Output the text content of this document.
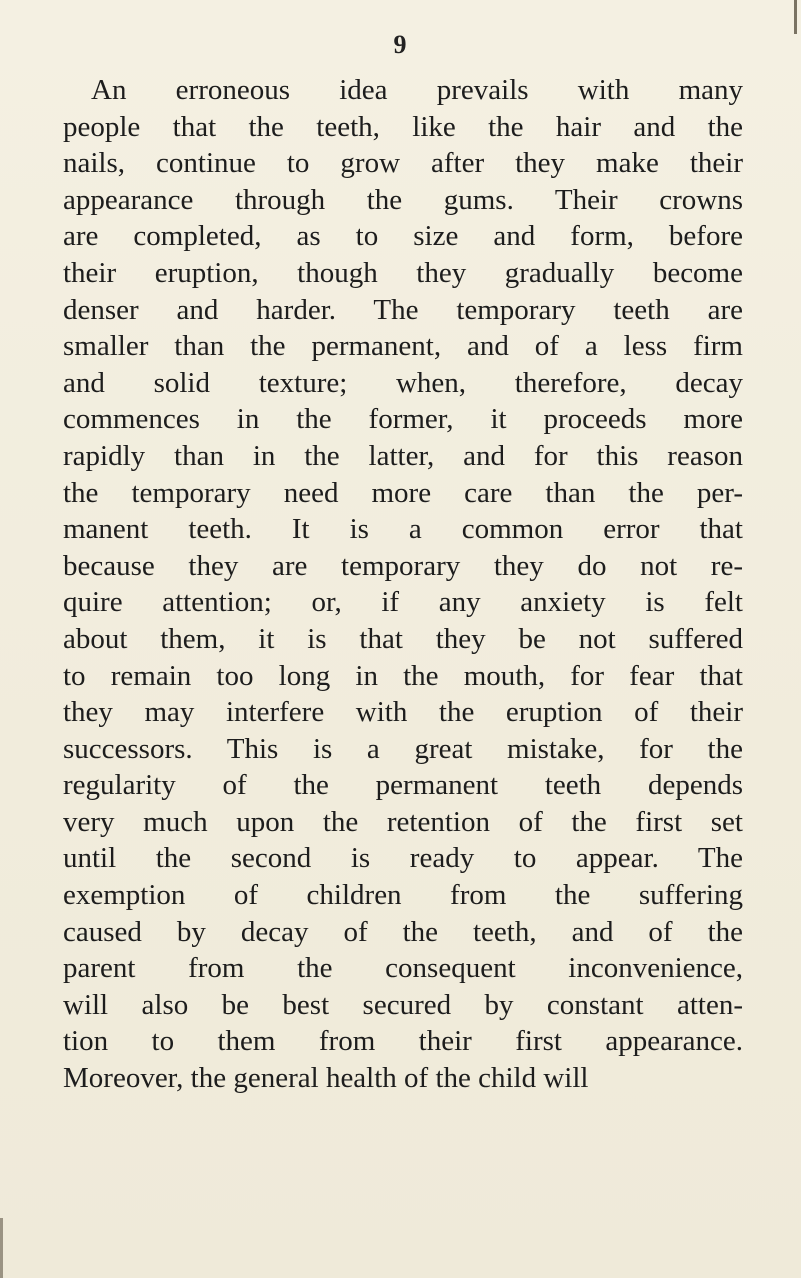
9
An erroneous idea prevails with many
people that the teeth, like the hair and the
nails, continue to grow after they make their
appearance through the gums. Their crowns
are completed, as to size and form, before
their eruption, though they gradually become
denser and harder. The temporary teeth are
smaller than the permanent, and of a less firm
and solid texture; when, therefore, decay
commences in the former, it proceeds more
rapidly than in the latter, and for this reason
the temporary need more care than the per-
manent teeth. It is a common error that
because they are temporary they do not re-
quire attention; or, if any anxiety is felt
about them, it is that they be not suffered
to remain too long in the mouth, for fear that
they may interfere with the eruption of their
successors. This is a great mistake, for the
regularity of the permanent teeth depends
very much upon the retention of the first set
until the second is ready to appear. The
exemption of children from the suffering
caused by decay of the teeth, and of the
parent from the consequent inconvenience,
will also be best secured by constant atten-
tion to them from their first appearance.
Moreover, the general health of the child will
